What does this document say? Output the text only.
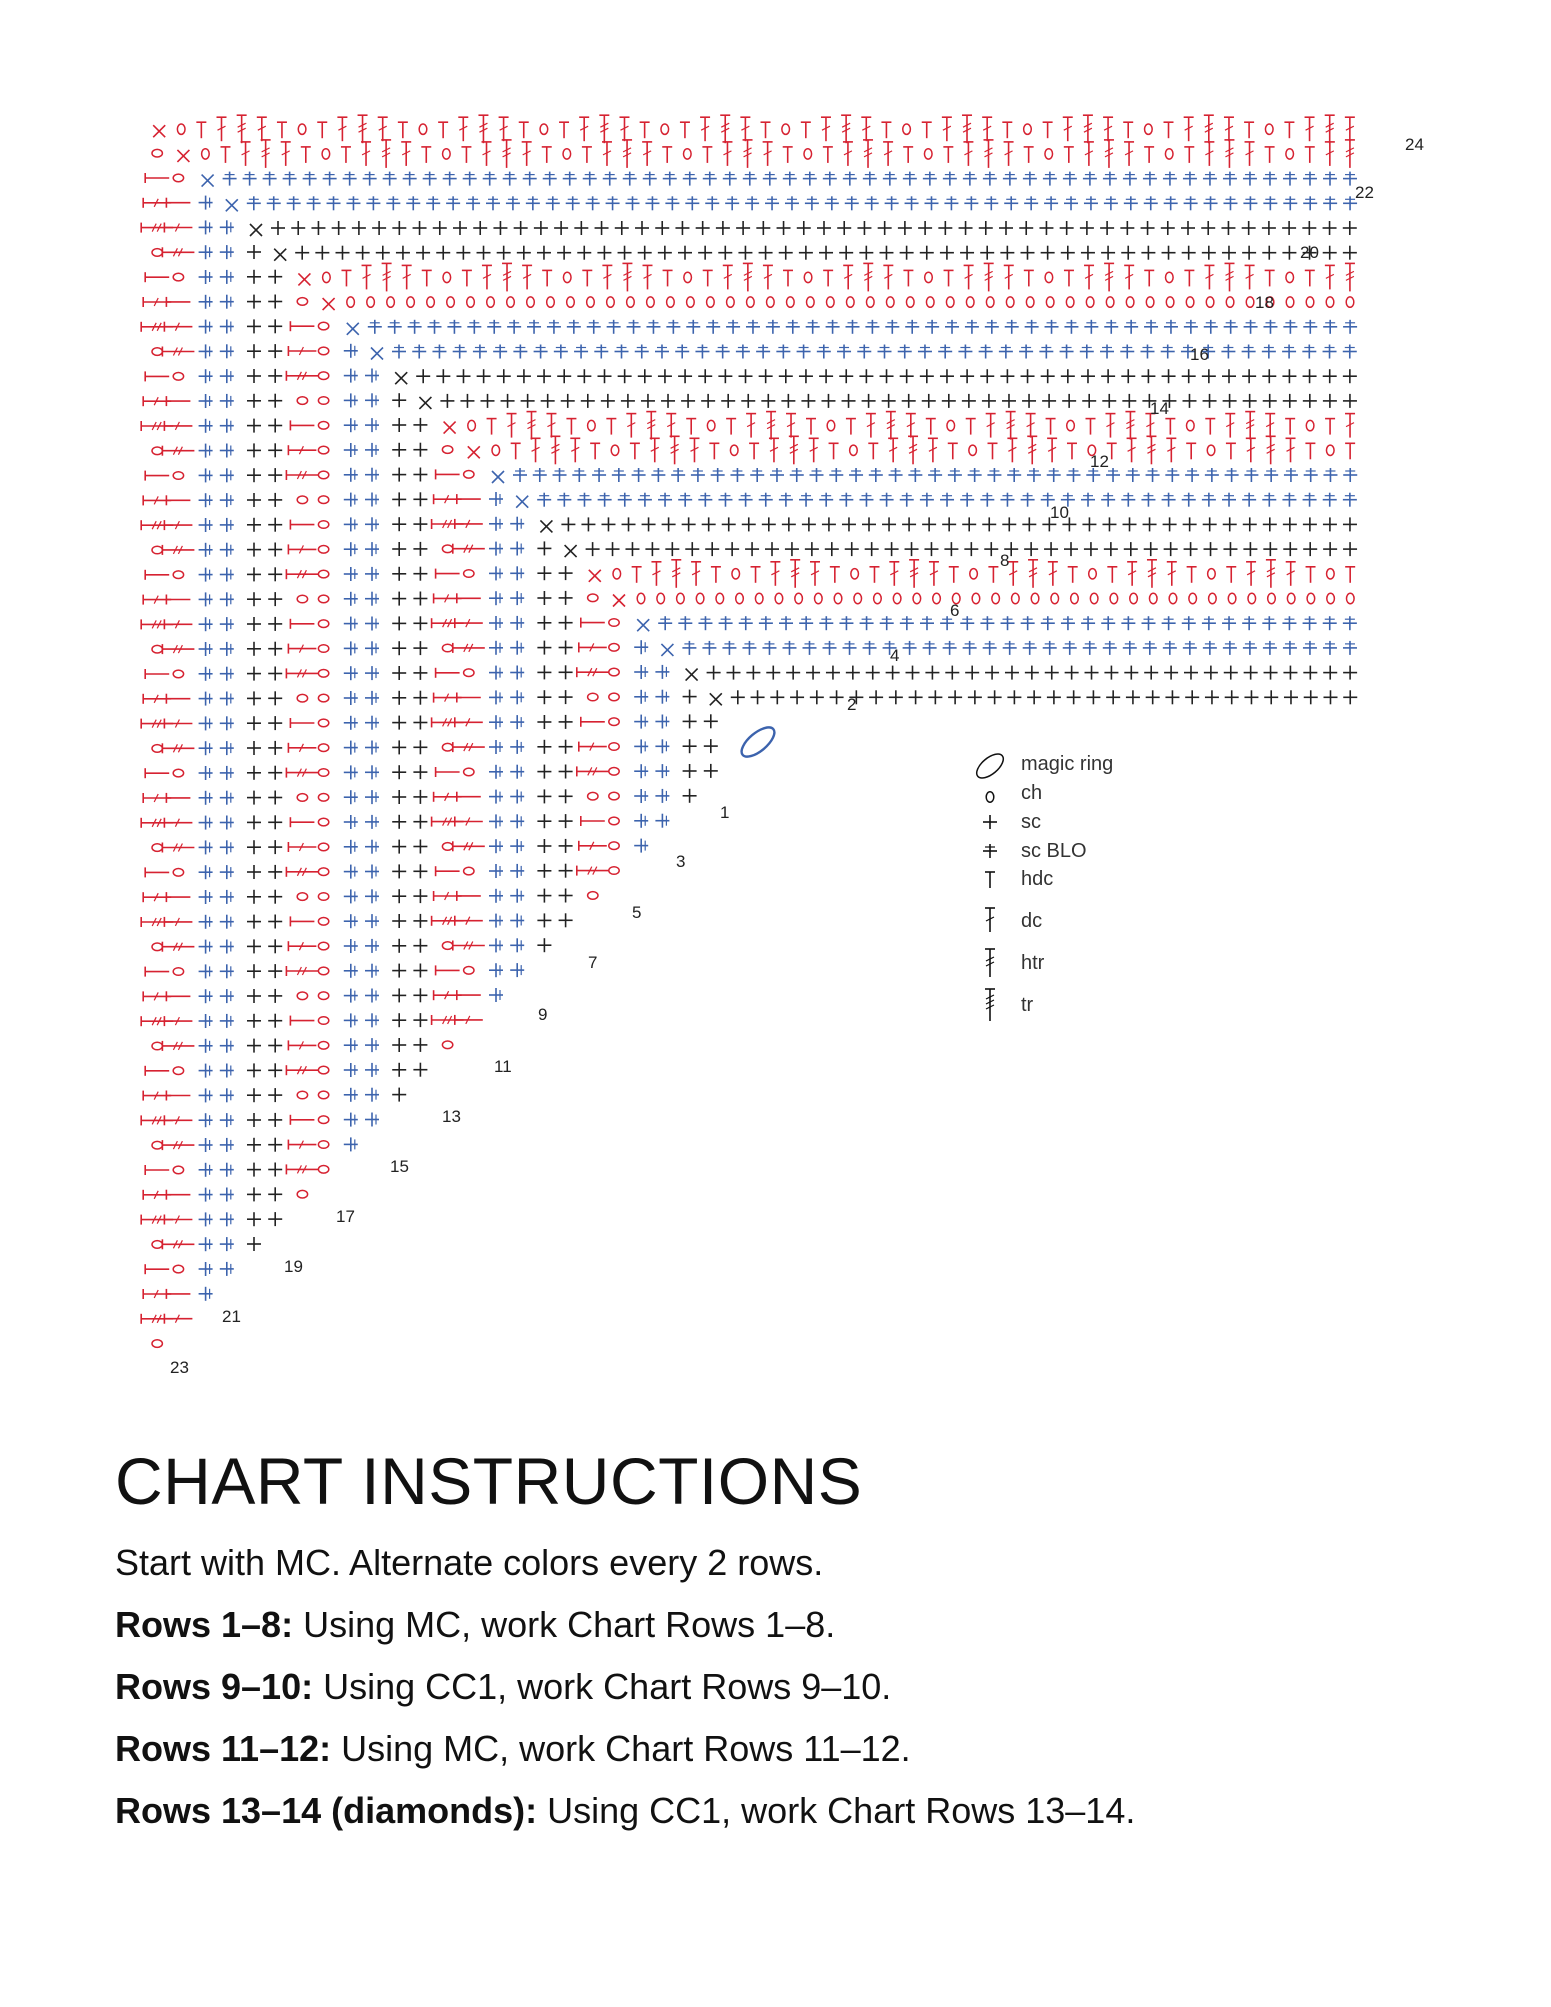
24
22
20
18
16
14
12
10
8
6
4
2
1
3
5
7
9
11
13
15
17
19
21
23
CHART INSTRUCTIONS

Start with MC. Alternate colors every 2 rows.

Rows 1–8: Using MC, work Chart Rows 1–8.

Rows 9–10: Using CC1, work Chart Rows 9–10.

Rows 11–12: Using MC, work Chart Rows 11–12.

Rows 13–14 (diamonds): Using CC1, work Chart Rows 13–14.

magic ring
ch
sc
sc BLO
hdc
dc
htr
tr
